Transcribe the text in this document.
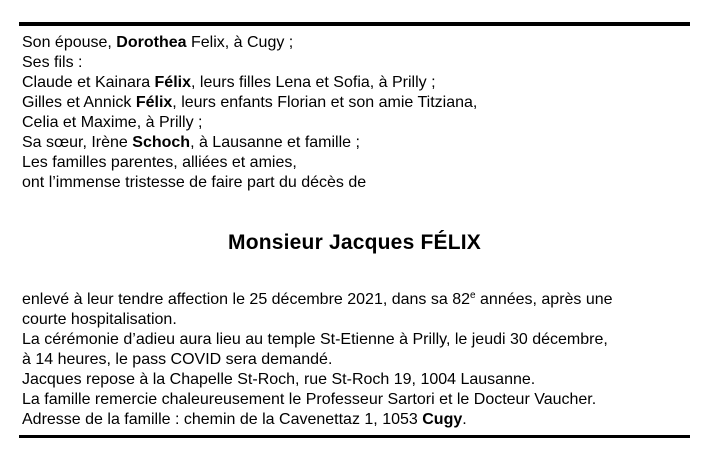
Son épouse, Dorothea Felix, à Cugy ;
Ses fils :
Claude et Kainara Félix, leurs filles Lena et Sofia, à Prilly ;
Gilles et Annick Félix, leurs enfants Florian et son amie Titziana,
Celia et Maxime, à Prilly ;
Sa sœur, Irène Schoch, à Lausanne et famille ;
Les familles parentes, alliées et amies,
ont l’immense tristesse de faire part du décès de
Monsieur Jacques FÉLIX
enlevé à leur tendre affection le 25 décembre 2021, dans sa 82e années, après une
courte hospitalisation.
La cérémonie d’adieu aura lieu au temple St-Etienne à Prilly, le jeudi 30 décembre,
à 14 heures, le pass COVID sera demandé.
Jacques repose à la Chapelle St-Roch, rue St-Roch 19, 1004 Lausanne.
La famille remercie chaleureusement le Professeur Sartori et le Docteur Vaucher.
Adresse de la famille : chemin de la Cavenettaz 1, 1053 Cugy.
